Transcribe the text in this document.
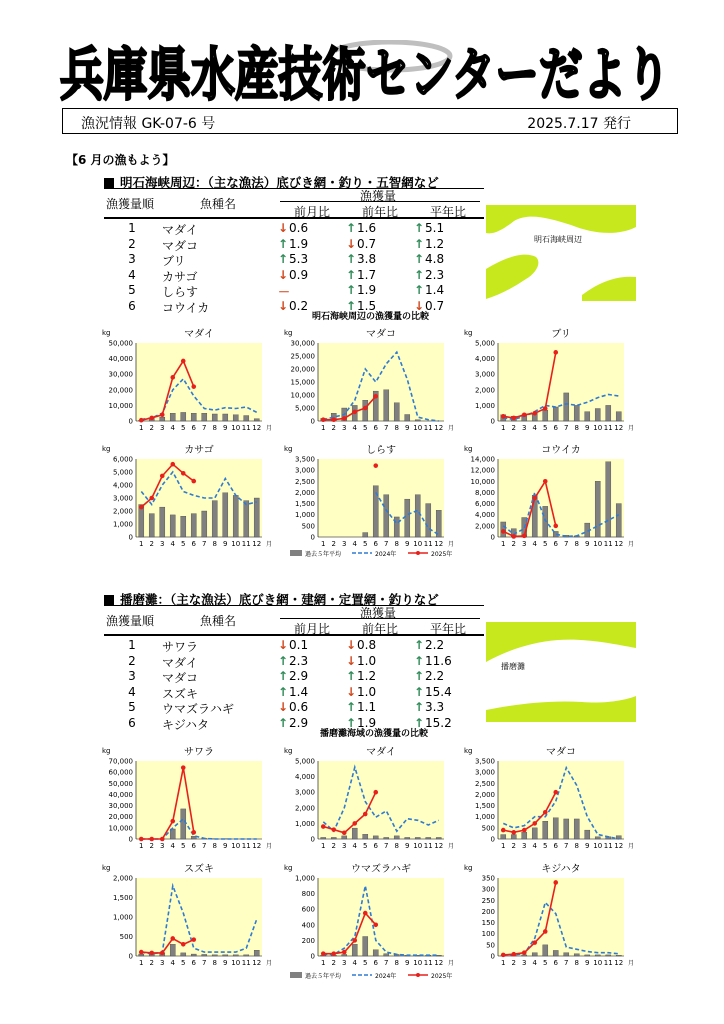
兵庫県水産技術センターだより
漁況情報 GK-07-6 号	2025.7.17 発行
【6 月の漁もよう】
明石海峡周辺：（主な漁法）底びき網・釣り・五智網など
漁獲量
漁獲量順	魚種名
前月比	前年比	平年比
1	マダイ	↓0.6	↑1.6	↑5.1
2	マダコ	↑1.9	↓0.7	↑1.2
3	ブリ	↑5.3	↑3.8	↑4.8
4	カサゴ	↓0.9	↑1.7	↑2.3
5	しらす	－	↑1.9	↑1.4
6	コウイカ	↓0.2	↑1.5	↓0.7
明石海峡周辺
明石海峡周辺の漁獲量の比較
播磨灘：（主な漁法）底びき網・建網・定置網・釣りなど
漁獲量
漁獲量順	魚種名
前月比	前年比	平年比
1	サワラ	↓0.1	↓0.8	↑2.2
2	マダイ	↑2.3	↓1.0	↑11.6
3	マダコ	↑2.9	↑1.2	↑2.2
4	スズキ	↑1.4	↓1.0	↑15.4
5	ウマズラハギ	↓0.6	↑1.1	↑3.3
6	キジハタ	↑2.9	↑1.9	↑15.2
播磨灘
播磨灘海域の漁獲量の比較
マダイ
kg
0
10,000
20,000
30,000
40,000
50,000
1 2 3 4 5 6 7 8 9 10 11 12 月
マダコ
kg
0
5,000
10,000
15,000
20,000
25,000
30,000
1 2 3 4 5 6 7 8 9 10 11 12 月
ブリ
kg
0
1,000
2,000
3,000
4,000
5,000
1 2 3 4 5 6 7 8 9 10 11 12 月
カサゴ
kg
0
1,000
2,000
3,000
4,000
5,000
6,000
1 2 3 4 5 6 7 8 9 10 11 12 月
しらす
kg
0
500
1,000
1,500
2,000
2,500
3,000
3,500
1 2 3 4 5 6 7 8 9 10 11 12 月
コウイカ
kg
0
2,000
4,000
6,000
8,000
10,000
12,000
14,000
1 2 3 4 5 6 7 8 9 10 11 12 月
サワラ
kg
0
10,000
20,000
30,000
40,000
50,000
60,000
70,000
1 2 3 4 5 6 7 8 9 10 11 12 月
マダイ
kg
0
1,000
2,000
3,000
4,000
5,000
1 2 3 4 5 6 7 8 9 10 11 12 月
マダコ
kg
0
500
1,000
1,500
2,000
2,500
3,000
3,500
1 2 3 4 5 6 7 8 9 10 11 12 月
スズキ
kg
0
500
1,000
1,500
2,000
1 2 3 4 5 6 7 8 9 10 11 12 月
ウマズラハギ
kg
0
200
400
600
800
1,000
1 2 3 4 5 6 7 8 9 10 11 12 月
キジハタ
kg
0
50
100
150
200
250
300
350
1 2 3 4 5 6 7 8 9 10 11 12 月
過去５年平均	2024年	2025年
過去５年平均	2024年	2025年
